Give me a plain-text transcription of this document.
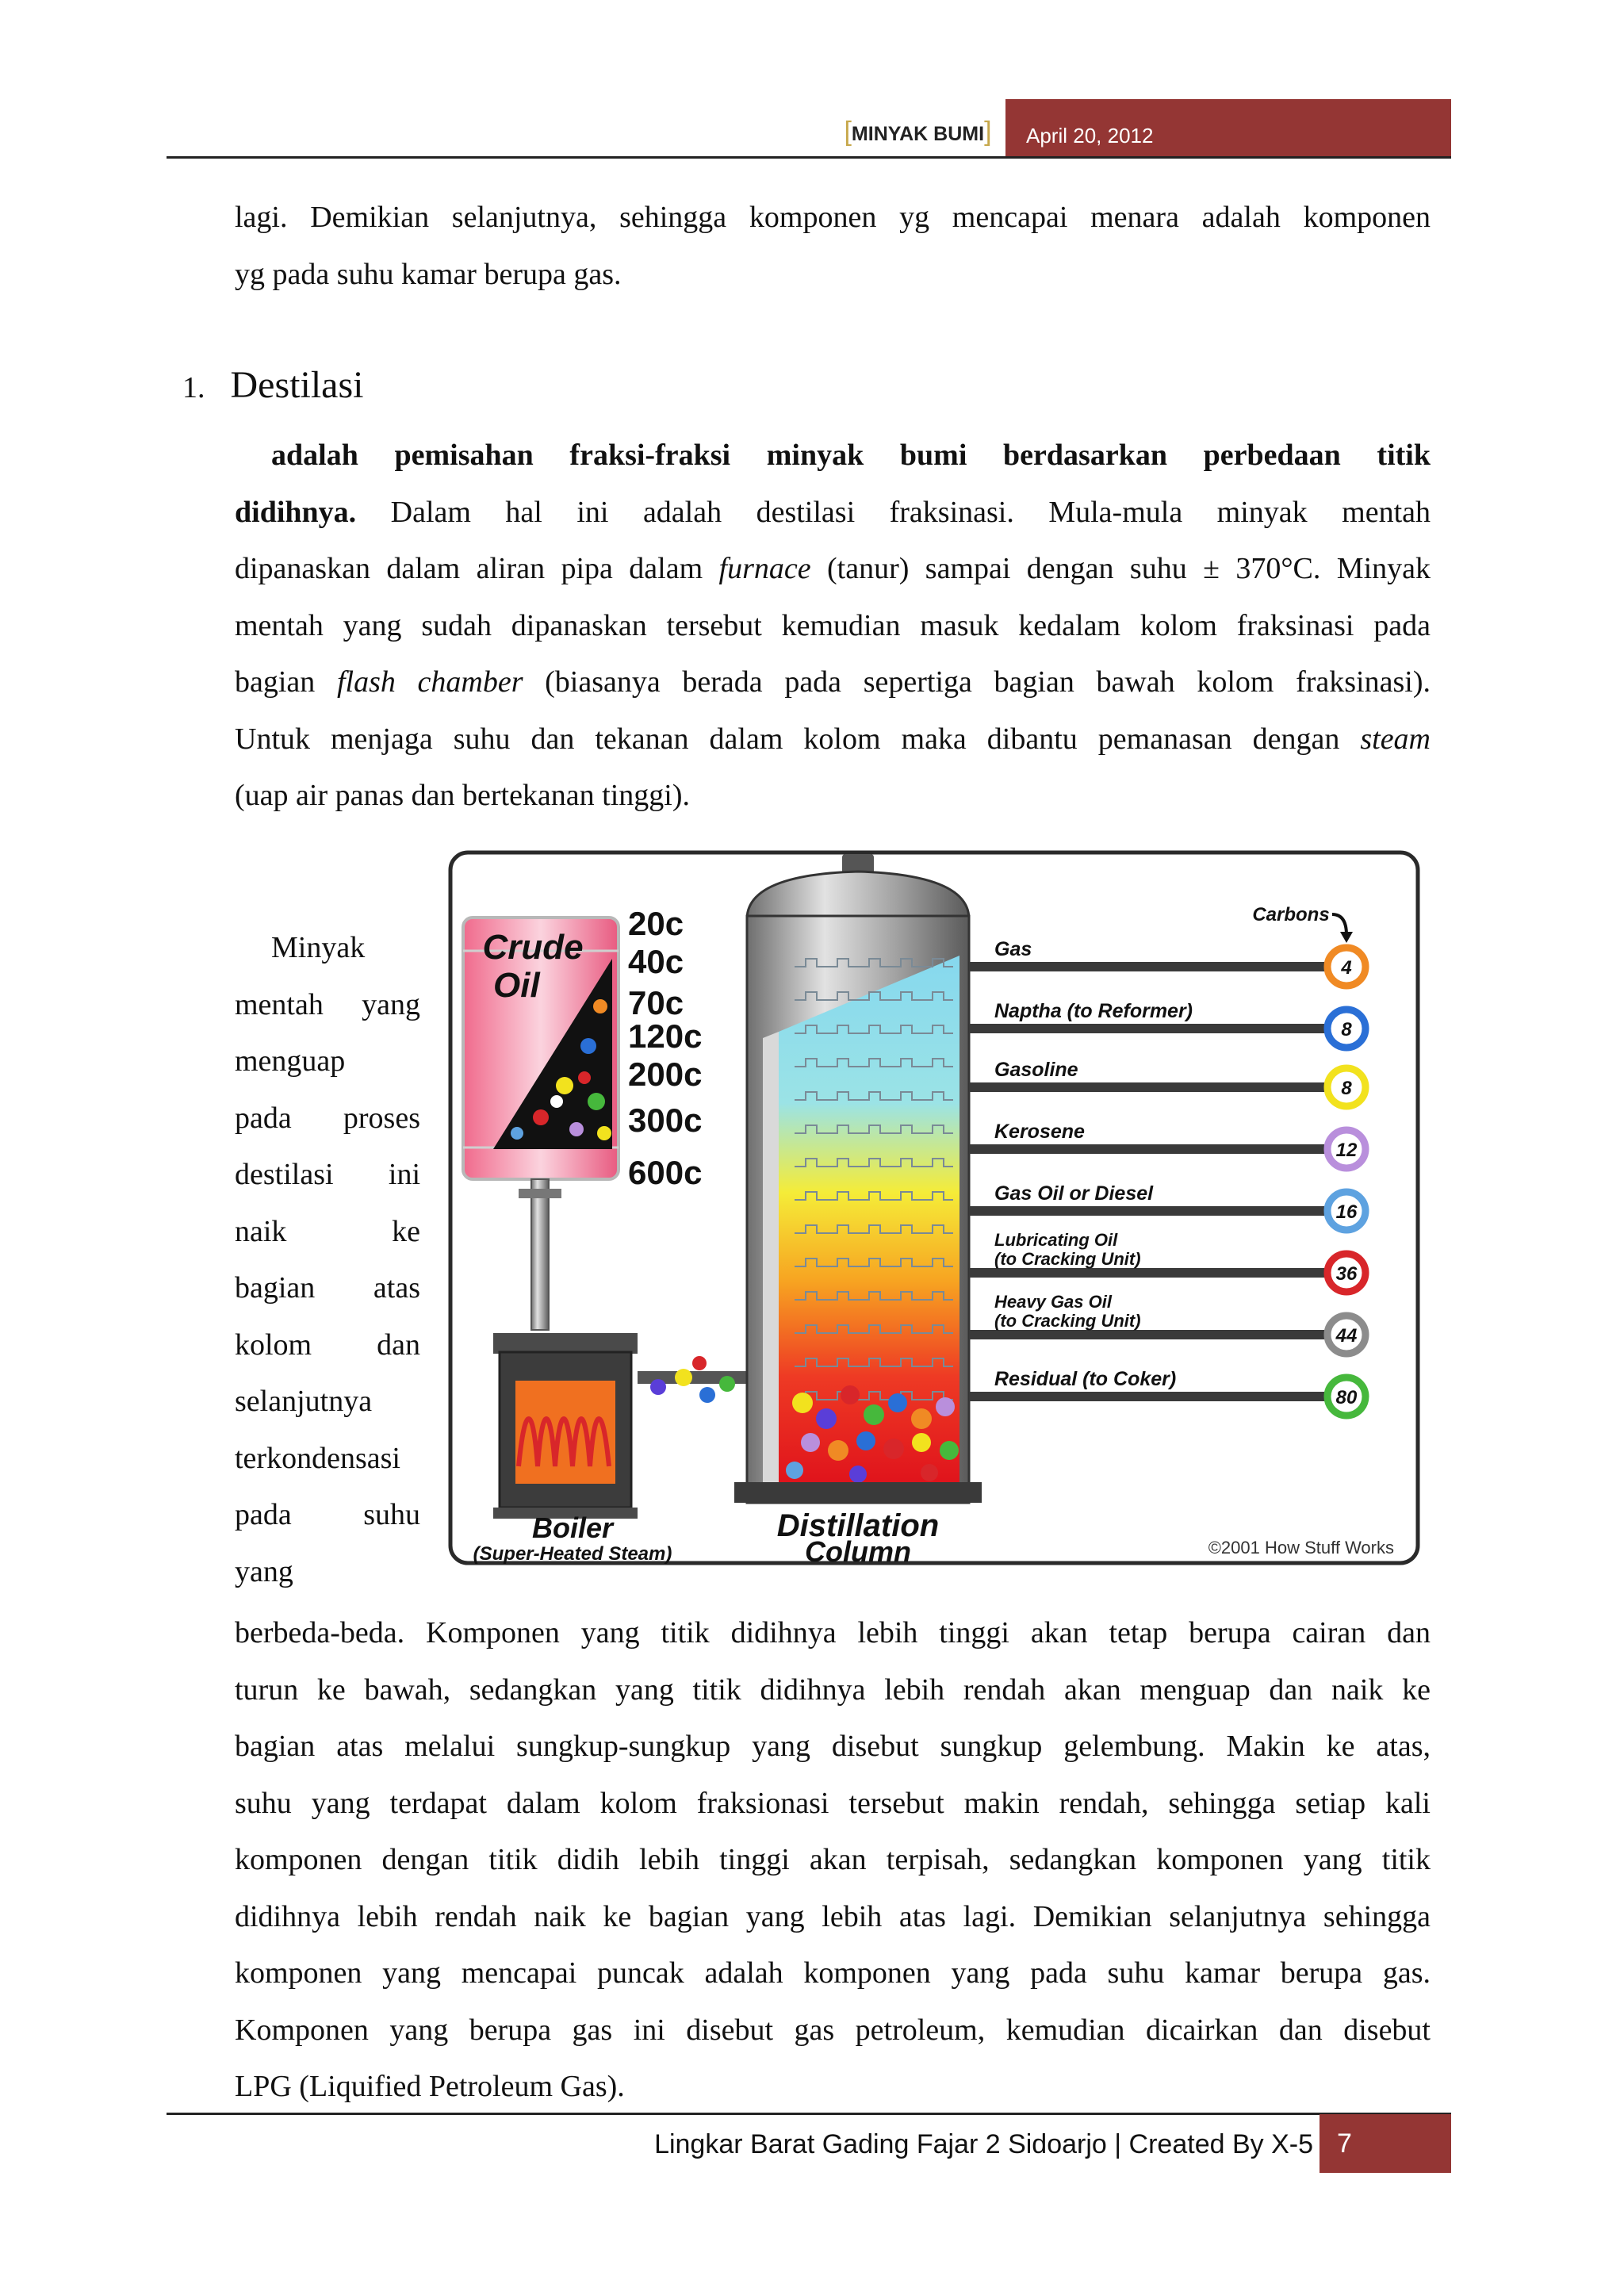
[MINYAK BUMI]	April 20, 2012
lagi. Demikian selanjutnya, sehingga komponen yg mencapai menara adalah komponen
yg pada suhu kamar berupa gas.
1. Destilasi
adalah pemisahan fraksi-fraksi minyak bumi berdasarkan perbedaan titik
didihnya. Dalam hal ini adalah destilasi fraksinasi. Mula-mula minyak mentah
dipanaskan dalam aliran pipa dalam furnace (tanur) sampai dengan suhu ± 370°C. Minyak
mentah yang sudah dipanaskan tersebut kemudian masuk kedalam kolom fraksinasi pada
bagian flash chamber (biasanya berada pada sepertiga bagian bawah kolom fraksinasi).
Untuk menjaga suhu dan tekanan dalam kolom maka dibantu pemanasan dengan steam
(uap air panas dan bertekanan tinggi).
Minyak
mentah yang
menguap
pada proses
destilasi ini
naik ke
bagian atas
kolom dan
selanjutnya
terkondensasi
pada suhu
yang
Crude
Oil
Boiler
(Super-Heated Steam)
20c
40c
70c
120c
200c
300c
600c
Distillation
Column
Carbons
Gas
4
Naptha (to Reformer)
8
Gasoline
8
Kerosene
12
Gas Oil or Diesel
16
Lubricating Oil
(to Cracking Unit)
36
Heavy Gas Oil
(to Cracking Unit)
44
Residual (to Coker)
80
©2001 How Stuff Works
berbeda-beda. Komponen yang titik didihnya lebih tinggi akan tetap berupa cairan dan
turun ke bawah, sedangkan yang titik didihnya lebih rendah akan menguap dan naik ke
bagian atas melalui sungkup-sungkup yang disebut sungkup gelembung. Makin ke atas,
suhu yang terdapat dalam kolom fraksionasi tersebut makin rendah, sehingga setiap kali
komponen dengan titik didih lebih tinggi akan terpisah, sedangkan komponen yang titik
didihnya lebih rendah naik ke bagian yang lebih atas lagi. Demikian selanjutnya sehingga
komponen yang mencapai puncak adalah komponen yang pada suhu kamar berupa gas.
Komponen yang berupa gas ini disebut gas petroleum, kemudian dicairkan dan disebut
LPG (Liquified Petroleum Gas).
Lingkar Barat Gading Fajar 2 Sidoarjo | Created By X-5 7
